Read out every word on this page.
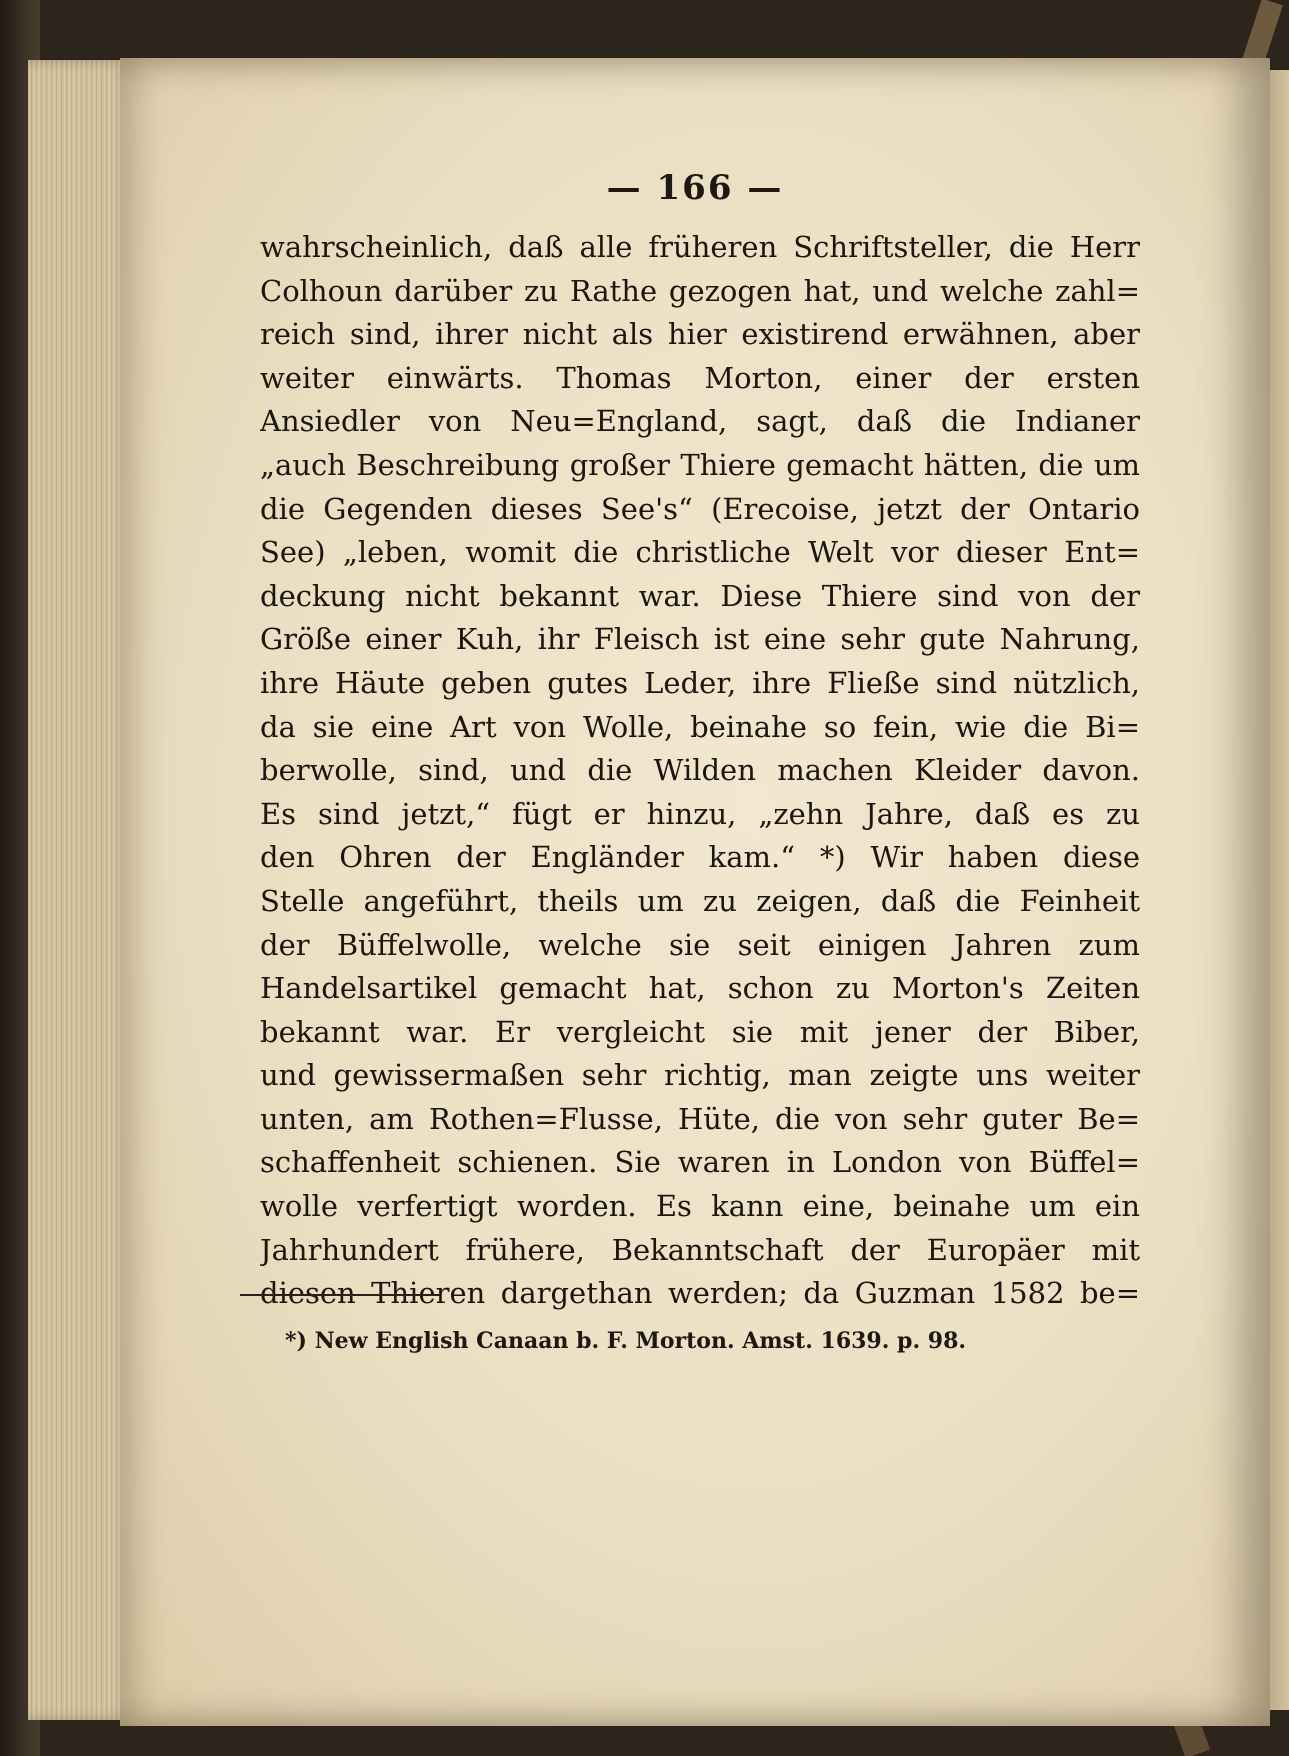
— 166 —
wahrscheinlich, daß alle früheren Schriftsteller, die Herr
Colhoun darüber zu Rathe gezogen hat, und welche zahl=
reich sind, ihrer nicht als hier existirend erwähnen, aber
weiter einwärts. Thomas Morton, einer der ersten
Ansiedler von Neu=England, sagt, daß die Indianer
„auch Beschreibung großer Thiere gemacht hätten, die um
die Gegenden dieses See's“ (Erecoise, jetzt der Ontario
See) „leben, womit die christliche Welt vor dieser Ent=
deckung nicht bekannt war. Diese Thiere sind von der
Größe einer Kuh, ihr Fleisch ist eine sehr gute Nahrung,
ihre Häute geben gutes Leder, ihre Fließe sind nützlich,
da sie eine Art von Wolle, beinahe so fein, wie die Bi=
berwolle, sind, und die Wilden machen Kleider davon.
Es sind jetzt,“ fügt er hinzu, „zehn Jahre, daß es zu
den Ohren der Engländer kam.“ *) Wir haben diese
Stelle angeführt, theils um zu zeigen, daß die Feinheit
der Büffelwolle, welche sie seit einigen Jahren zum
Handelsartikel gemacht hat, schon zu Morton's Zeiten
bekannt war. Er vergleicht sie mit jener der Biber,
und gewissermaßen sehr richtig, man zeigte uns weiter
unten, am Rothen=Flusse, Hüte, die von sehr guter Be=
schaffenheit schienen. Sie waren in London von Büffel=
wolle verfertigt worden. Es kann eine, beinahe um ein
Jahrhundert frühere, Bekanntschaft der Europäer mit
diesen Thieren dargethan werden; da Guzman 1582 be=
*) New English Canaan b. F. Morton. Amst. 1639. p. 98.
